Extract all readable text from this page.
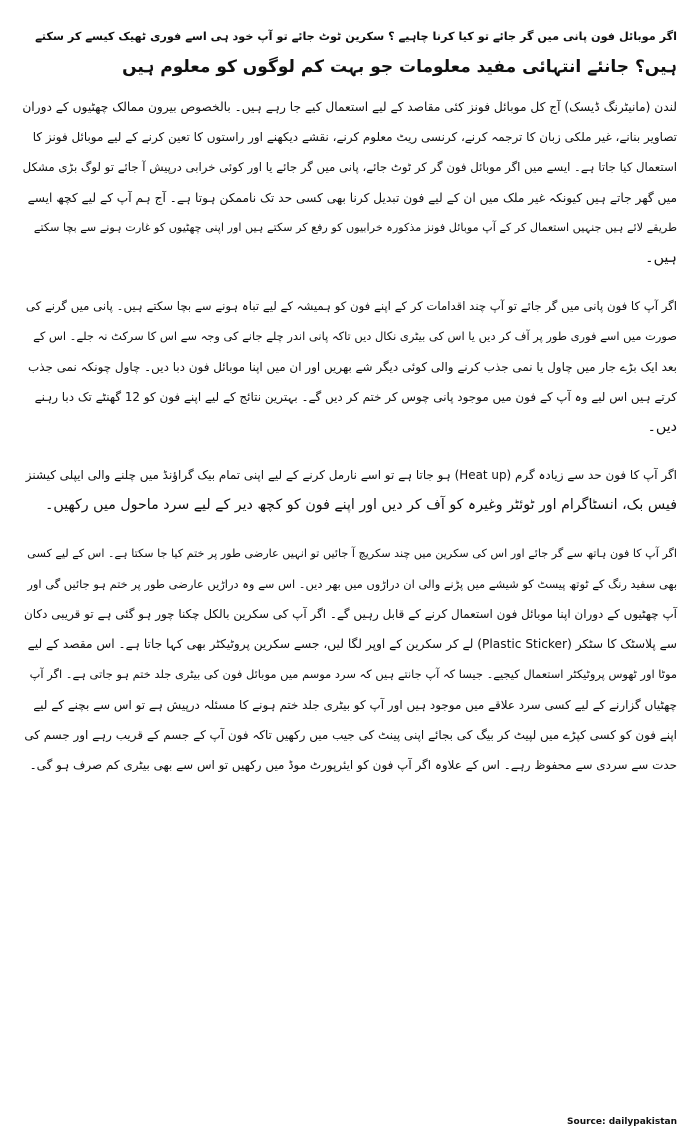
اگر موبائل فون پانی میں گر جائے تو کیا کرنا چاہیے ؟ سکرین ٹوٹ جائے تو آپ خود ہی اسے فوری ٹھیک کیسے کر سکتے
ہیں؟ جانئے انتہائی مفید معلومات جو بہت کم لوگوں کو معلوم ہیں

لندن (مانیٹرنگ ڈیسک) آج کل موبائل فونز کئی مقاصد کے لیے استعمال کیے جا رہے ہیں۔ بالخصوص بیرون ممالک چھٹیوں کے دوران
تصاویر بنانے، غیر ملکی زبان کا ترجمہ کرنے، کرنسی ریٹ معلوم کرنے، نقشے دیکھنے اور راستوں کا تعین کرنے کے لیے موبائل فونز کا
استعمال کیا جاتا ہے۔ ایسے میں اگر موبائل فون گر کر ٹوٹ جائے، پانی میں گر جائے یا اور کوئی خرابی درپیش آ جائے تو لوگ بڑی مشکل
میں گھر جاتے ہیں کیونکہ غیر ملک میں ان کے لیے فون تبدیل کرنا بھی کسی حد تک ناممکن ہوتا ہے۔ آج ہم آپ کے لیے کچھ ایسے
طریقے لائے ہیں جنہیں استعمال کر کے آپ موبائل فونز مذکورہ خرابیوں کو رفع کر سکتے ہیں اور اپنی چھٹیوں کو غارت ہونے سے بچا سکتے
ہیں۔

اگر آپ کا فون پانی میں گر جائے تو آپ چند اقدامات کر کے اپنے فون کو ہمیشہ کے لیے تباہ ہونے سے بچا سکتے ہیں۔ پانی میں گرنے کی
صورت میں اسے فوری طور پر آف کر دیں یا اس کی بیٹری نکال دیں تاکہ پانی اندر چلے جانے کی وجہ سے اس کا سرکٹ نہ جلے۔ اس کے
بعد ایک بڑے جار میں چاول یا نمی جذب کرنے والی کوئی دیگر شے بھریں اور ان میں اپنا موبائل فون دبا دیں۔ چاول چونکہ نمی جذب
کرتے ہیں اس لیے وہ آپ کے فون میں موجود پانی چوس کر ختم کر دیں گے۔ بہترین نتائج کے لیے اپنے فون کو 12 گھنٹے تک دبا رہنے
دیں۔

اگر آپ کا فون حد سے زیادہ گرم (Heat up) ہو جاتا ہے تو اسے نارمل کرنے کے لیے اپنی تمام بیک گراؤنڈ میں چلنے والی ایپلی کیشنز
فیس بک، انسٹاگرام اور ٹوئٹر وغیرہ کو آف کر دیں اور اپنے فون کو کچھ دیر کے لیے سرد ماحول میں رکھیں۔

اگر آپ کا فون ہاتھ سے گر جائے اور اس کی سکرین میں چند سکریچ آ جائیں تو انہیں عارضی طور پر ختم کیا جا سکتا ہے۔ اس کے لیے کسی
بھی سفید رنگ کے ٹوتھ پیسٹ کو شیشے میں پڑنے والی ان دراڑوں میں بھر دیں۔ اس سے وہ دراڑیں عارضی طور پر ختم ہو جائیں گی اور
آپ چھٹیوں کے دوران اپنا موبائل فون استعمال کرنے کے قابل رہیں گے۔ اگر آپ کی سکرین بالکل چکنا چور ہو گئی ہے تو قریبی دکان
سے پلاسٹک کا سٹکر (Plastic Sticker) لے کر سکرین کے اوپر لگا لیں، جسے سکرین پروٹیکٹر بھی کہا جاتا ہے۔ اس مقصد کے لیے
موٹا اور ٹھوس پروٹیکٹر استعمال کیجیے۔ جیسا کہ آپ جانتے ہیں کہ سرد موسم میں موبائل فون کی بیٹری جلد ختم ہو جاتی ہے۔ اگر آپ
چھٹیاں گزارنے کے لیے کسی سرد علاقے میں موجود ہیں اور آپ کو بیٹری جلد ختم ہونے کا مسئلہ درپیش ہے تو اس سے بچنے کے لیے
اپنے فون کو کسی کپڑے میں لپیٹ کر بیگ کی بجائے اپنی پینٹ کی جیب میں رکھیں تاکہ فون آپ کے جسم کے قریب رہے اور جسم کی
حدت سے سردی سے محفوظ رہے۔ اس کے علاوہ اگر آپ فون کو ایئرپورٹ موڈ میں رکھیں تو اس سے بھی بیٹری کم صرف ہو گی۔

Source: dailypakistan
